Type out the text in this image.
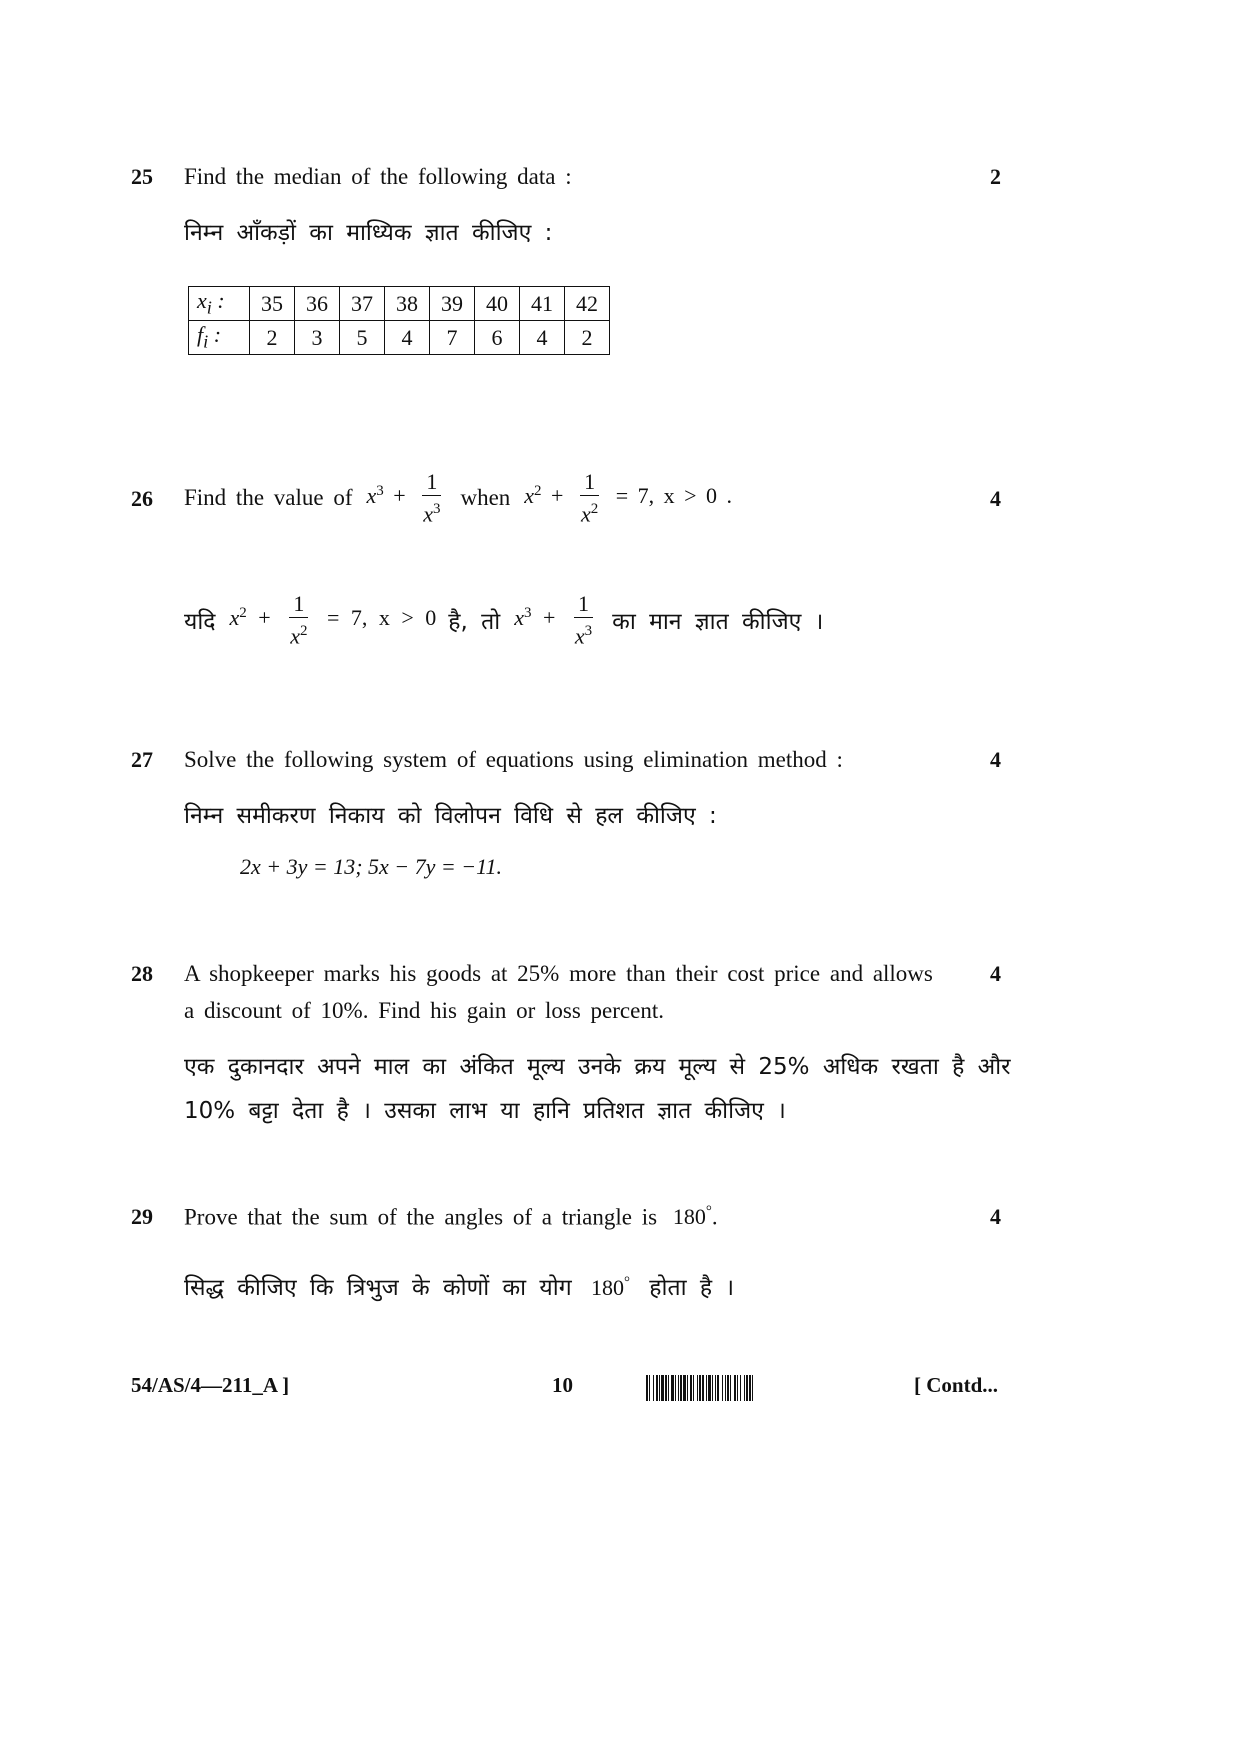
25 Find the median of the following data :	2
निम्न आँकड़ों का माध्यिक ज्ञात कीजिए :
$x_i$ :	35	36	37	38	39	40	41	42
$f_i$ :	2	3	5	4	7	6	4	2
26 Find the value of $x^3 + \frac{1}{x^3}$ when $x^2 + \frac{1}{x^2} = 7$, x > 0 .	4
यदि $x^2 + \frac{1}{x^2} = 7$, x > 0 है, तो $x^3 + \frac{1}{x^3}$ का मान ज्ञात कीजिए ।
27 Solve the following system of equations using elimination method :	4
निम्न समीकरण निकाय को विलोपन विधि से हल कीजिए :
2x + 3y = 13; 5x − 7y = −11.
28 A shopkeeper marks his goods at 25% more than their cost price and allows
a discount of 10%. Find his gain or loss percent.
4
एक दुकानदार अपने माल का अंकित मूल्य उनके क्रय मूल्य से 25% अधिक रखता है और
10% बट्टा देता है । उसका लाभ या हानि प्रतिशत ज्ञात कीजिए ।
29 Prove that the sum of the angles of a triangle is 180°.	4
सिद्ध कीजिए कि त्रिभुज के कोणों का योग 180° होता है ।
54/AS/4—211_A ]	10	[ Contd...
